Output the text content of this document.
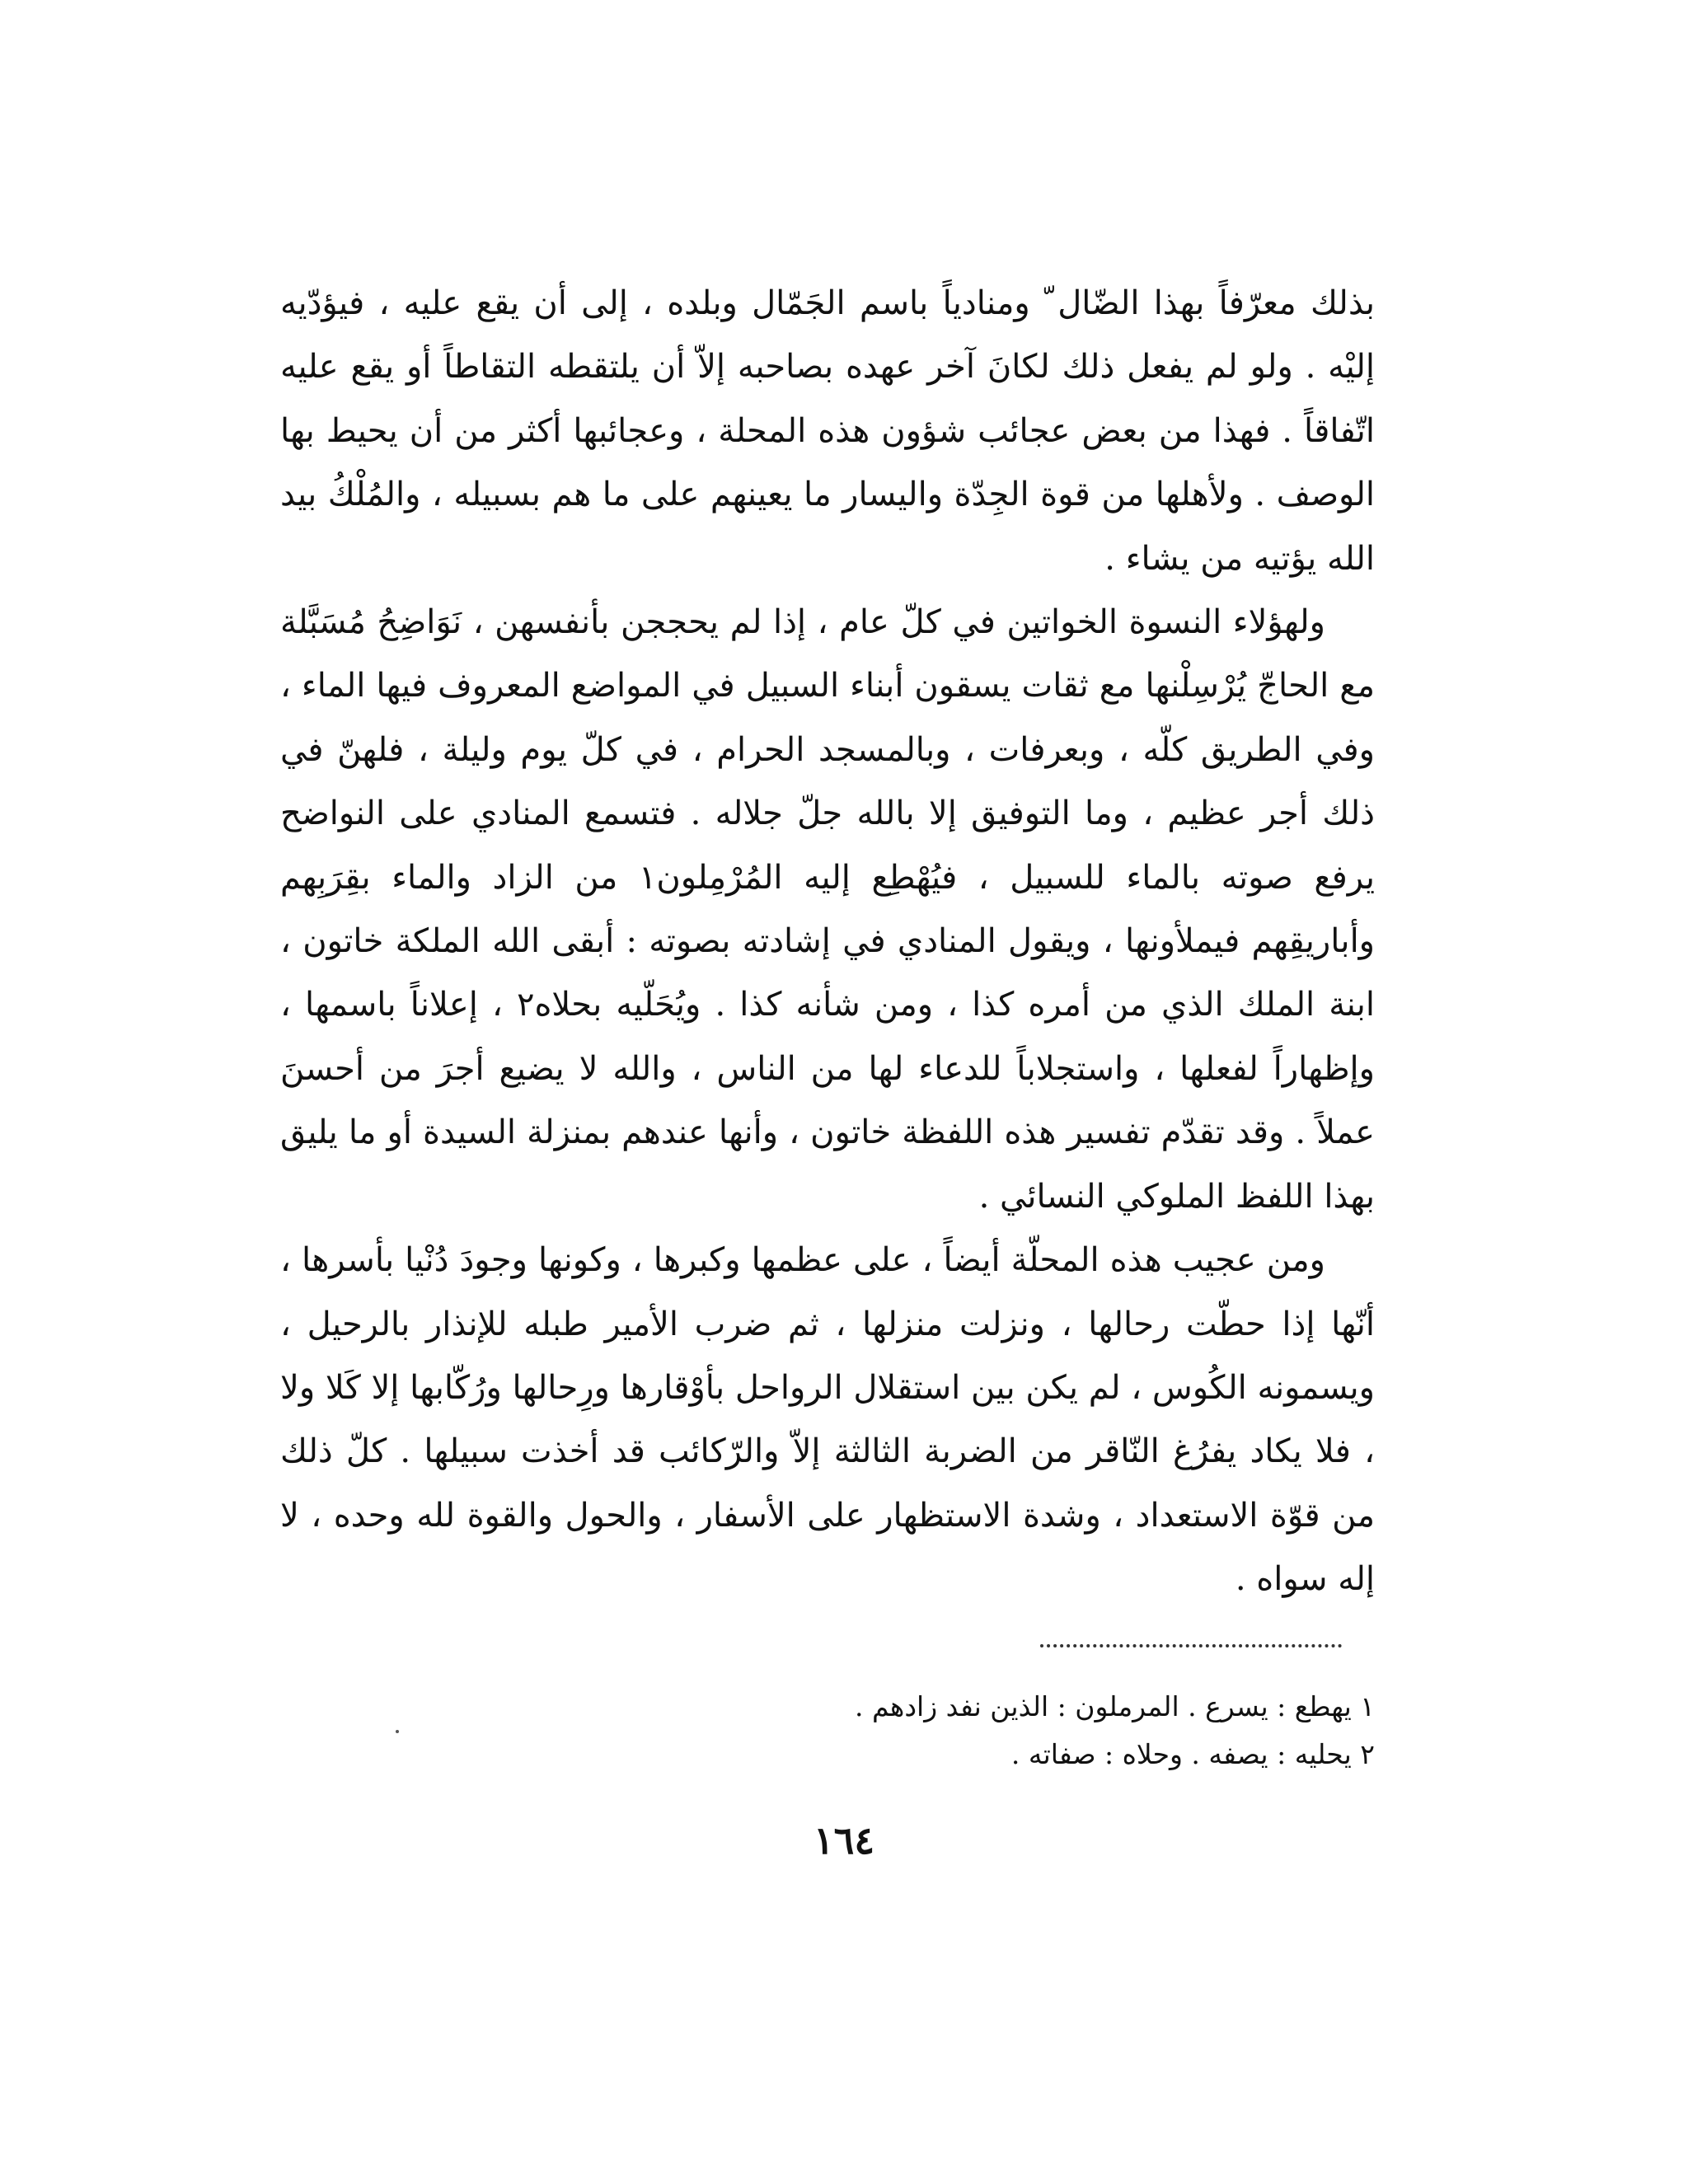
بذلك معرّفاً بهذا الضّال ّ ومنادياً باسم الجَمّال وبلده ، إلى أن يقع عليه ، فيؤدّيه إليْه . ولو لم يفعل ذلك لكانَ آخر عهده بصاحبه إلاّ أن يلتقطه التقاطاً أو يقع عليه اتّفاقاً . فهذا من بعض عجائب شؤون هذه المحلة ، وعجائبها أكثر من أن يحيط بها الوصف . ولأهلها من قوة الجِدّة واليسار ما يعينهم على ما هم بسبيله ، والمُلْكُ بيد الله يؤتيه من يشاء .

ولهؤلاء النسوة الخواتين في كلّ عام ، إذا لم يحججن بأنفسهن ، نَوَاضِحُ مُسَبَّلة مع الحاجّ يُرْسِلْنها مع ثقات يسقون أبناء السبيل في المواضع المعروف فيها الماء ، وفي الطريق كلّه ، وبعرفات ، وبالمسجد الحرام ، في كلّ يوم وليلة ، فلهنّ في ذلك أجر عظيم ، وما التوفيق إلا بالله جلّ جلاله . فتسمع المنادي على النواضح يرفع صوته بالماء للسبيل ، فيُهْطِع إليه المُرْمِلون١ من الزاد والماء بقِرَبِهم وأباريقِهم فيملأونها ، ويقول المنادي في إشادته بصوته : أبقى الله الملكة خاتون ، ابنة الملك الذي من أمره كذا ، ومن شأنه كذا . ويُحَلّيه بحلاه٢ ، إعلاناً باسمها ، وإظهاراً لفعلها ، واستجلاباً للدعاء لها من الناس ، والله لا يضيع أجرَ من أحسنَ عملاً . وقد تقدّم تفسير هذه اللفظة خاتون ، وأنها عندهم بمنزلة السيدة أو ما يليق بهذا اللفظ الملوكي النسائي .

ومن عجيب هذه المحلّة أيضاً ، على عظمها وكبرها ، وكونها وجودَ دُنْيا بأسرها ، أنّها إذا حطّت رحالها ، ونزلت منزلها ، ثم ضرب الأمير طبله للإنذار بالرحيل ، ويسمونه الكُوس ، لم يكن بين استقلال الرواحل بأوْقارها ورِحالها ورُكّابها إلا كَلا ولا ، فلا يكاد يفرُغ النّاقر من الضربة الثالثة إلاّ والرّكائب قد أخذت سبيلها . كلّ ذلك من قوّة الاستعداد ، وشدة الاستظهار على الأسفار ، والحول والقوة لله وحده ، لا إله سواه .

١ يهطع : يسرع . المرملون : الذين نفد زادهم .

٢ يحليه : يصفه . وحلاه : صفاته .

١٦٤
